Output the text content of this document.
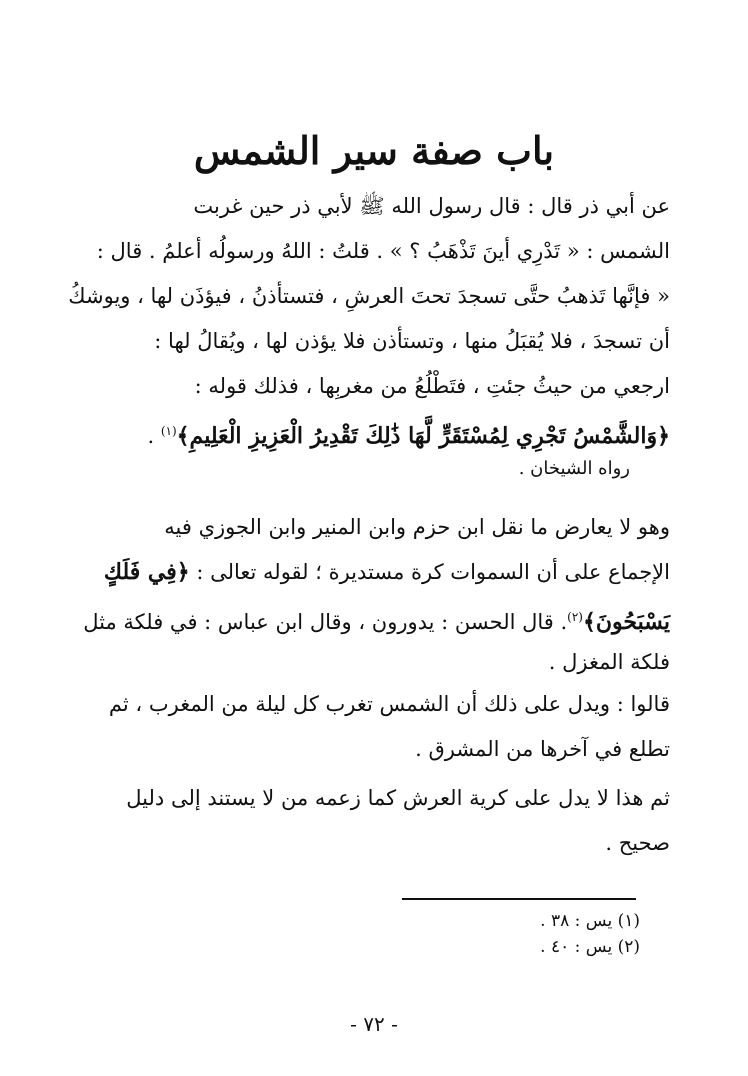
باب صفة سير الشمس
عن أبي ذر قال : قال رسول الله ﷺ لأبي ذر حين غربت
الشمس : « تَدْرِي أينَ تَذْهَبُ ؟ » . قلتُ : اللهُ ورسولُه أعلمُ . قال :
« فإنَّها تَذهبُ حتَّى تسجدَ تحتَ العرشِ ، فتستأذنُ ، فيؤذَن لها ، ويوشكُ
أن تسجدَ ، فلا يُقبَلُ منها ، وتستأذن فلا يؤذن لها ، ويُقالُ لها :
ارجعي من حيثُ جئتِ ، فتَطْلُعُ من مغربِها ، فذلك قوله :
﴿وَالشَّمْسُ تَجْرِي لِمُسْتَقَرٍّ لَّهَا ذَٰلِكَ تَقْدِيرُ الْعَزِيزِ الْعَلِيمِ﴾$^{(١)}$ .
رواه الشيخان .
وهو لا يعارض ما نقل ابن حزم وابن المنير وابن الجوزي فيه
الإجماع على أن السموات كرة مستديرة ؛ لقوله تعالى : ﴿فِي فَلَكٍ
يَسْبَحُونَ﴾$^{(٢)}$. قال الحسن : يدورون ، وقال ابن عباس : في فلكة مثل
فلكة المغزل .
قالوا : ويدل على ذلك أن الشمس تغرب كل ليلة من المغرب ، ثم
تطلع في آخرها من المشرق .
ثم هذا لا يدل على كرية العرش كما زعمه من لا يستند إلى دليل
صحيح .
(١) يس : ٣٨ .
(٢) يس : ٤٠ .
- ٧٢ -
